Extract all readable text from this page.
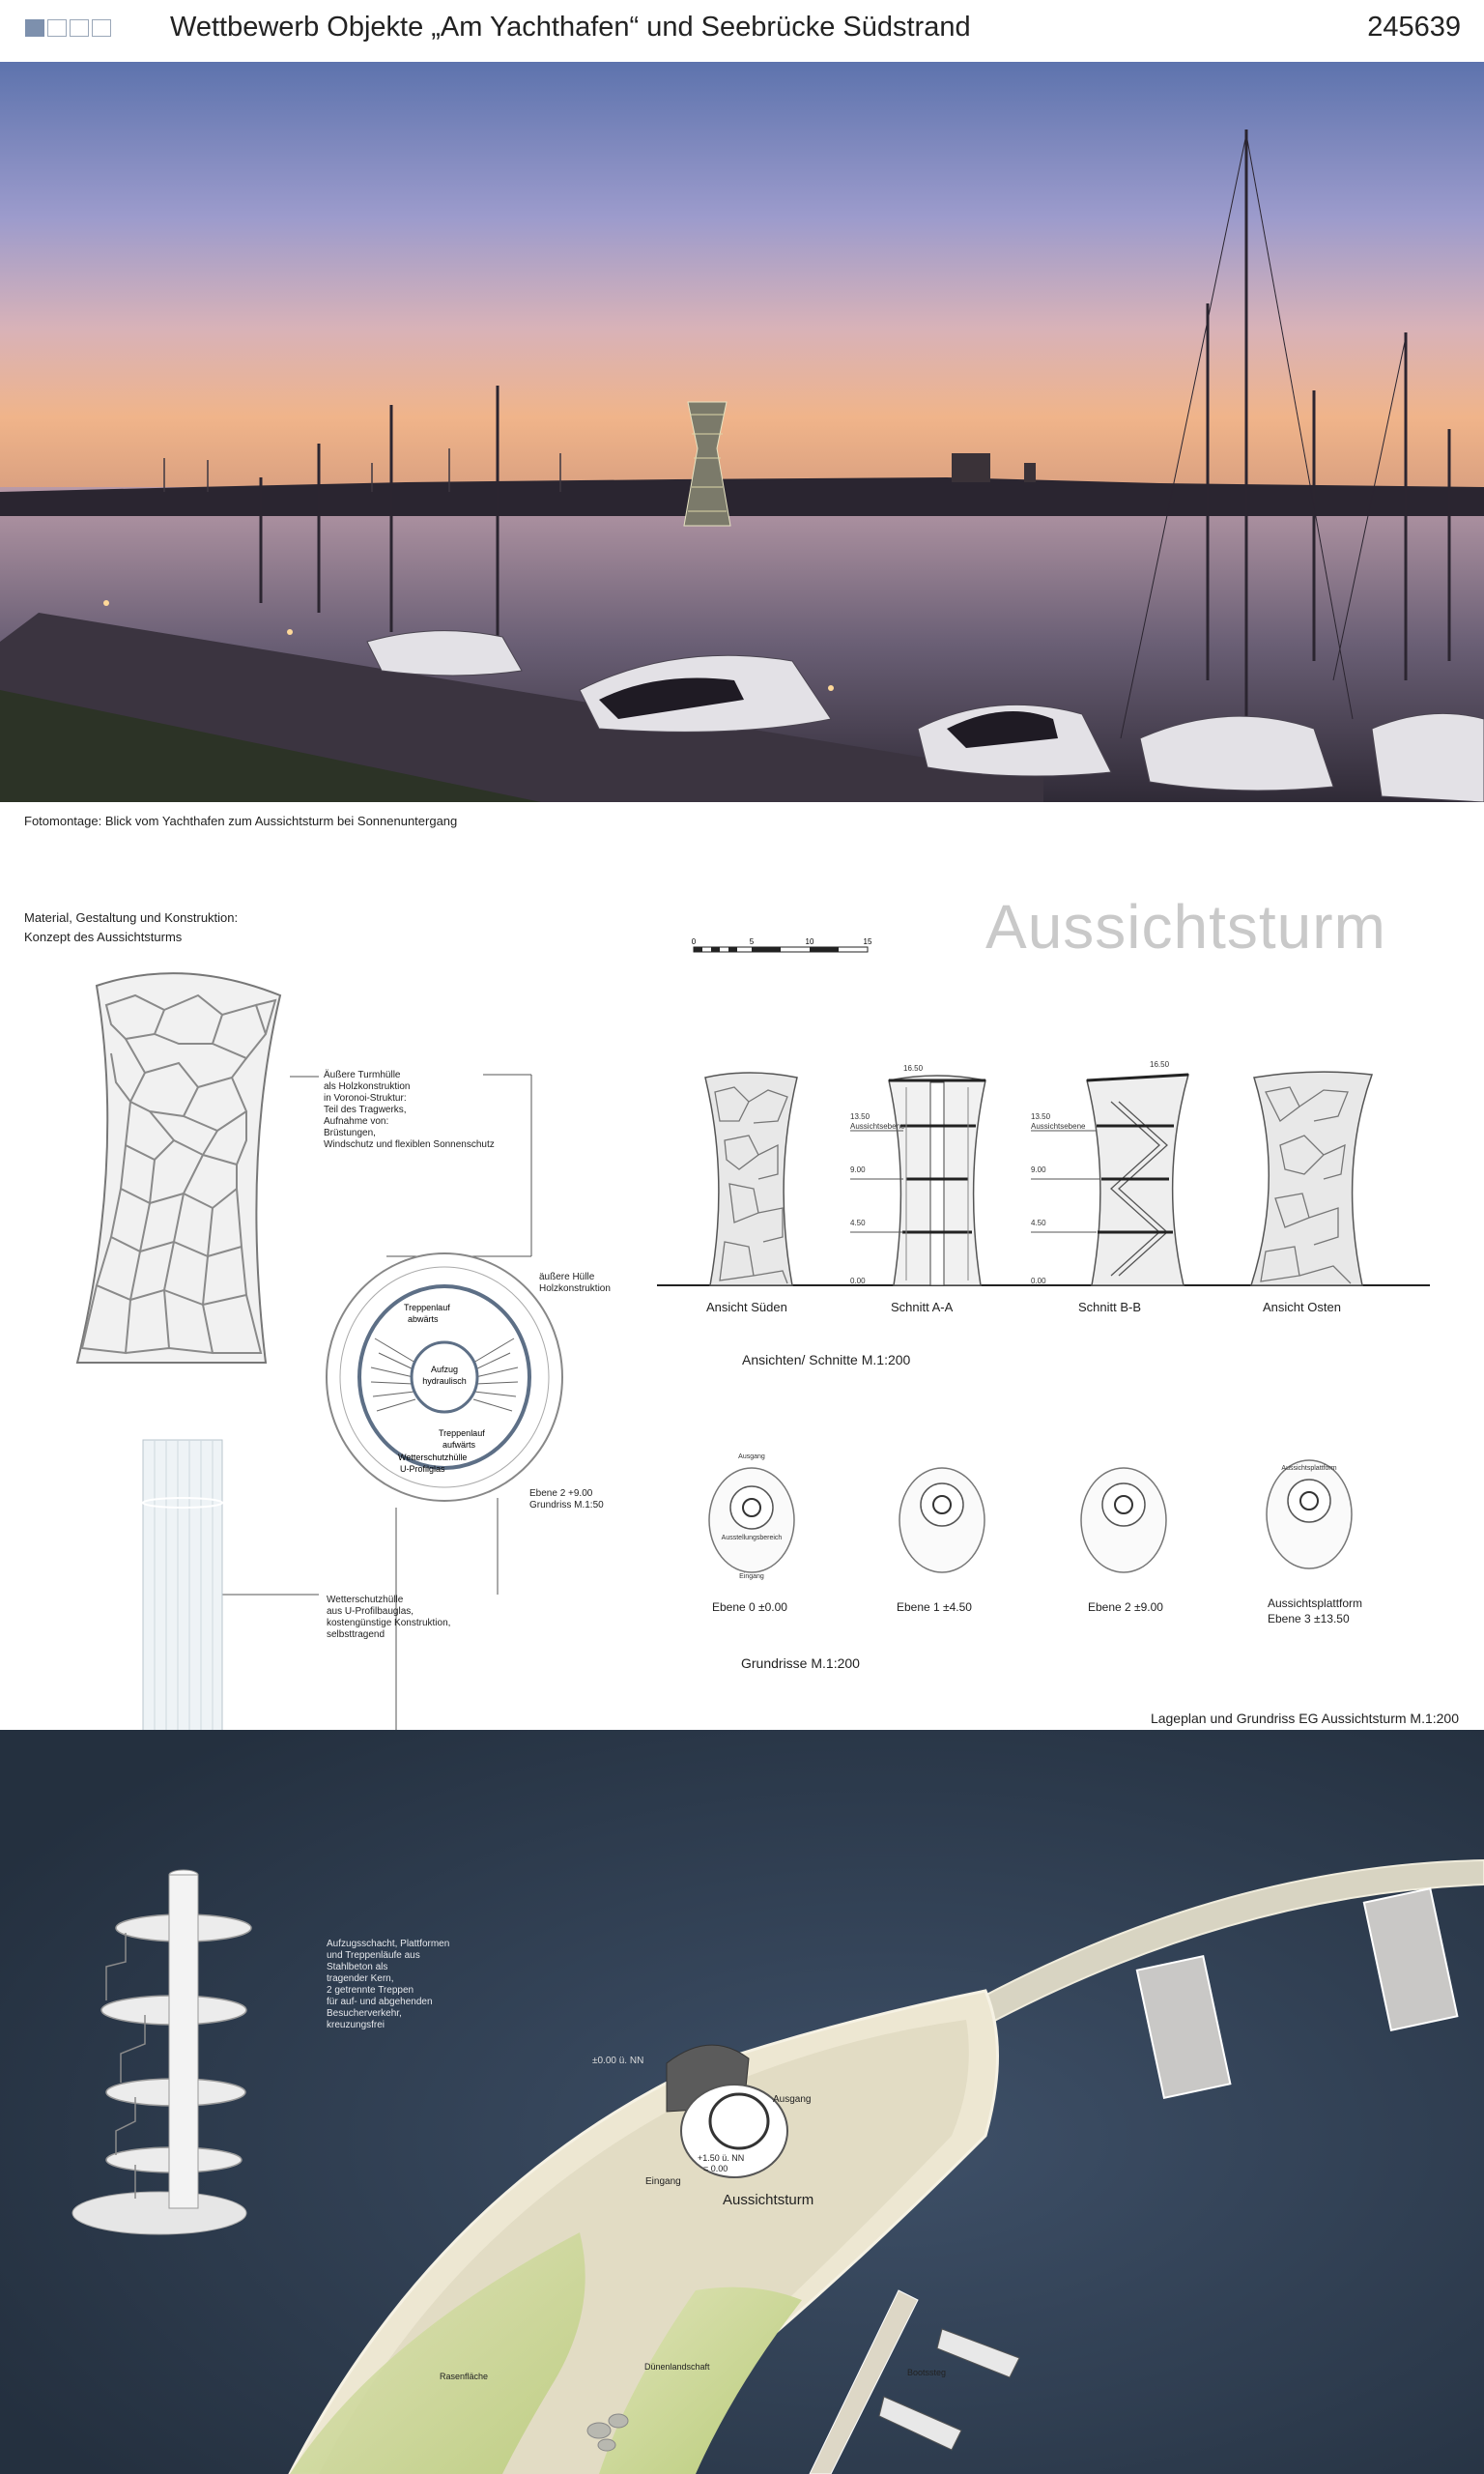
Wettbewerb Objekte „Am Yachthafen“ und Seebrücke Südstrand	245639
Fotomontage: Blick vom Yachthafen zum Aussichtsturm bei Sonnenuntergang
Material, Gestaltung und Konstruktion:
Konzept des Aussichtsturms
Äußere Turmhülle
als Holzkonstruktion
in Voronoi-Struktur:
Teil des Tragwerks,
Aufnahme von:
Brüstungen,
Windschutz und flexiblen Sonnenschutz
Aufzug
hydraulisch
Treppenlauf
abwärts
Treppenlauf
aufwärts
Wetterschutzhülle
U-Profilglas
äußere Hülle
Holzkonstruktion
Ebene 2 +9.00
Grundriss M.1:50
Wetterschutzhülle
aus U-Profilbauglas,
kostengünstige Konstruktion,
selbsttragend
Aussichtsturm
0	5	10	15
16.50
13.50
Aussichtsebene
9.00
4.50
0.00
16.50
13.50
Aussichtsebene
9.00
4.50
0.00
Ansicht Süden	Schnitt A-A	Schnitt B-B	Ansicht Osten
Ansichten/ Schnitte M.1:200
Ausgang
Ausstellungsbereich
Eingang
Aussichtsplattform
Ebene 0 ±0.00	Ebene 1 ±4.50	Ebene 2 ±9.00	Aussichtsplattform
Ebene 3 ±13.50
Grundrisse M.1:200
Lageplan und Grundriss EG Aussichtsturm M.1:200
±0.00 ü. NN
Ausgang
Eingang
+1.50 ü. NN
= 0.00
Aussichtsturm
Rasenfläche
Dünenlandschaft
Bootssteg
Aufzugsschacht, Plattformen
und Treppenläufe aus
Stahlbeton als
tragender Kern,
2 getrennte Treppen
für auf- und abgehenden
Besucherverkehr,
kreuzungsfrei
